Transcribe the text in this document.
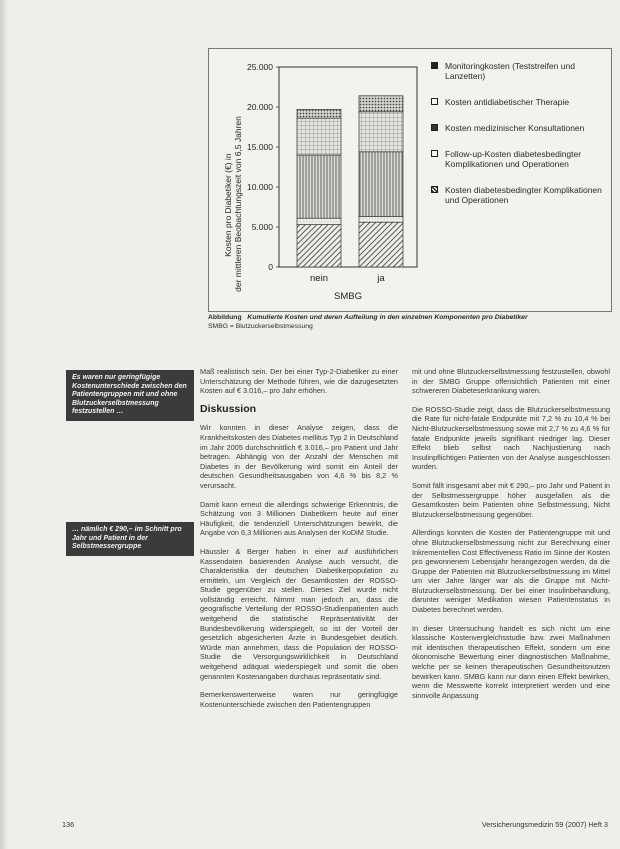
Kosten pro Diabetiker (€) in der mittleren Beobachtungszeit von 6,5 Jahren
25.000
20.000
15.000
10.000
5.000
0
nein	ja
SMBG
Monitoringkosten (Teststreifen und Lanzetten)
Kosten antidiabetischer Therapie
Kosten medizinischer Konsultationen
Follow-up-Kosten diabetesbedingter Komplikationen und Operationen
Kosten diabetesbedingter Komplikationen und Operationen
Abbildung Kumulierte Kosten und deren Aufteilung in den einzelnen Komponenten pro Diabetiker
SMBG = Blutzuckerselbstmessung
Es waren nur geringfügige Kostenunterschiede zwischen den Patientengruppen mit und ohne Blutzuckerselbstmessung festzustellen …
… nämlich € 290,– im Schnitt pro Jahr und Patient in der Selbstmessergruppe

Maß realistisch sein. Der bei einer Typ-2-Diabetiker zu einer Unterschätzung der Methode führen, wie die dazugesetzten Kosten auf € 3.016,– pro Jahr erhöhen.

Diskussion

Wir konnten in dieser Analyse zeigen, dass die Krankheitskosten des Diabetes mellitus Typ 2 in Deutschland im Jahr 2005 durchschnittlich € 3.016,– pro Patient und Jahr betragen. Abhängig von der Anzahl der Menschen mit Diabetes in der Bevölkerung wird somit ein Anteil der deutschen Gesundheitsausgaben von 4,6 % bis 8,2 % verursacht.

Damit kann erneut die allerdings schwierige Erkenntnis, die Schätzung von 3 Millionen Diabetikern heute auf einer Häufigkeit, die tendenziell Unterschätzungen bewirkt, die Angabe von 6,3 Millionen aus Analysen der KoDiM Studie.

Häussler & Berger haben in einer auf ausführlichen Kassendaten basierenden Analyse auch versucht, die Charakteristika der deutschen Diabetikerpopulation zu ermitteln, um Vergleich der Gesamtkosten der ROSSO-Studie gegenüber zu stellen. Dieses Ziel wurde nicht vollständig erreicht. Nimmt man jedoch an, dass die geografische Verteilung der ROSSO-Studienpatienten auch weitgehend die statistische Repräsentativität der Bundesbevölkerung widerspiegelt, so ist der Vorteil der gesetzlich abgesicherten Ärzte in Bundesgebiet deutlich. Würde man annehmen, dass die Population der ROSSO-Studie die Versorgungswirklichkeit in Deutschland weitgehend adäquat wiederspiegelt und somit die oben genannten Kostenangaben durchaus repräsentativ sind.

Bemerkenswerterweise waren nur geringfügige Kostenunterschiede zwischen den Patientengruppen

mit und ohne Blutzuckerselbstmessung festzustellen, obwohl in der SMBG Gruppe offensichtlich Patienten mit einer schwereren Diabeteserkrankung waren.

Die ROSSO-Studie zeigt, dass die Blutzuckerselbstmessung die Rate für nicht-fatale Endpunkte mit 7,2 % zu 10,4 % bei Nicht-Blutzuckerselbstmessung sowie mit 2,7 % zu 4,6 % für fatale Endpunkte jeweils signifikant niedriger lag. Dieser Effekt blieb selbst nach Nachjustierung nach Insulinpflichtigen Patienten von der Analyse ausgeschlossen wurden.

Somit fällt insgesamt aber mit € 290,– pro Jahr und Patient in der Selbstmessergruppe höher ausgefallen als die Gesamtkosten beim Patienten ohne Selbstmessung, Nicht Blutzuckerselbstmessung gegenüber.

Allerdings konnten die Kosten der Patientengruppe mit und ohne Blutzuckerselbstmessung nicht zur Berechnung einer Inkrementellen Cost Effectiveness Ratio im Sinne der Kosten pro gewonnenem Lebensjahr herangezogen werden, da die Gruppe der Patienten mit Blutzuckerselbstmessung im Mittel um vier Jahre länger war als die Gruppe mit Nicht-Blutzuckerselbstmessung. Der bei einer Insulinbehandlung, darunter weniger Medikation wiesen Patientenstatus in Diabetes berechnet werden.

In dieser Untersuchung handelt es sich nicht um eine klassische Kostenvergleichsstudie bzw. zwei Maßnahmen mit identischen therapeutischen Effekt, sondern um eine ökonomische Bewertung einer diagnostischen Maßnahme, welche per se keinen therapeutischen Gesundheitsnutzen bewirken kann. SMBG kann nur dann einen Effekt bewirken, wenn die Messwerte korrekt interpretiert werden und eine sinnvolle Anpassung

136	Versicherungsmedizin 59 (2007) Heft 3
